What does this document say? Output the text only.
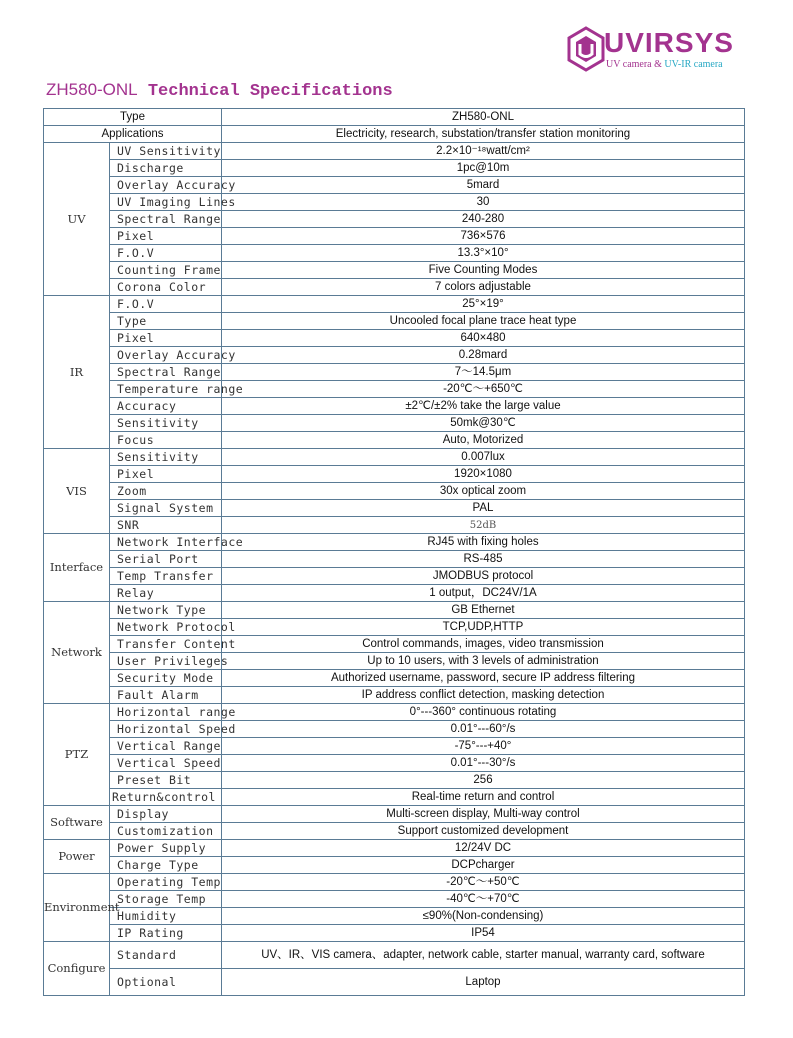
UVIRSYS
UV camera & UV-IR camera
ZH580-ONL Technical Specifications
Type		ZH580-ONL
Applications		Electricity, research, substation/transfer station monitoring
UV	UV Sensitivity	2.2×10⁻¹⁸watt/cm²
	Discharge	1pc@10m
	Overlay Accuracy	5mard
	UV Imaging Lines	30
	Spectral Range	240-280
	Pixel	736×576
	F.O.V	13.3°×10°
	Counting Frame	Five Counting Modes
	Corona Color	7 colors adjustable
IR	F.O.V	25°×19°
	Type	Uncooled focal plane trace heat type
	Pixel	640×480
	Overlay Accuracy	0.28mard
	Spectral Range	7～14.5μm
	Temperature range	-20℃～+650℃
	Accuracy	±2℃/±2% take the large value
	Sensitivity	50mk@30℃
	Focus	Auto, Motorized
VIS	Sensitivity	0.007lux
	Pixel	1920×1080
	Zoom	30x optical zoom
	Signal System	PAL
	SNR	52dB
Interface	Network Interface	RJ45 with fixing holes
	Serial Port	RS-485
	Temp Transfer	JMODBUS protocol
	Relay	1 output，DC24V/1A
Network	Network Type	GB Ethernet
	Network Protocol	TCP,UDP,HTTP
	Transfer Content	Control commands, images, video transmission
	User Privileges	Up to 10 users, with 3 levels of administration
	Security Mode	Authorized username, password, secure IP address filtering
	Fault Alarm	IP address conflict detection, masking detection
PTZ	Horizontal range	0°---360° continuous rotating
	Horizontal Speed	0.01°---60°/s
	Vertical Range	-75°---+40°
	Vertical Speed	0.01°---30°/s
	Preset Bit	256
	Return&control	Real-time return and control
Software	Display	Multi-screen display, Multi-way control
	Customization	Support customized development
Power	Power Supply	12/24V DC
	Charge Type	DCPcharger
Environment	Operating Temp	-20℃～+50℃
	Storage Temp	-40℃～+70℃
	Humidity	≤90%(Non-condensing)
	IP Rating	IP54
Configure	Standard	UV、IR、VIS camera、adapter, network cable, starter manual, warranty card, software
	Optional	Laptop
